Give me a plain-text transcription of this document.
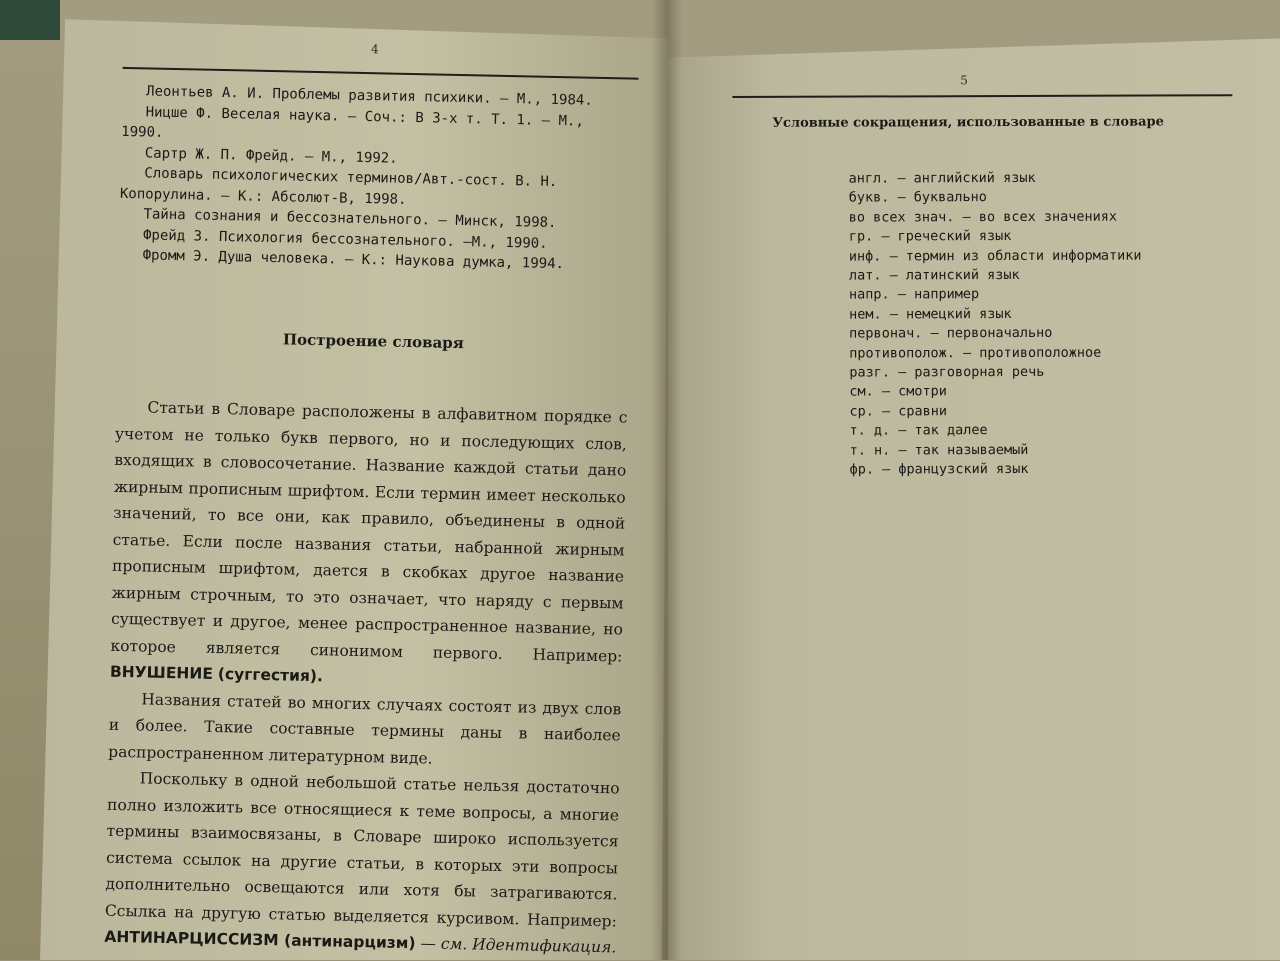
4

Леонтьев А. И. Проблемы развития психики. — М., 1984.

Ницше Ф. Веселая наука. — Соч.: В 3-х т. Т. 1. — М., 1990.

Сартр Ж. П. Фрейд. — М., 1992.

Словарь психологических терминов/Авт.-сост. В. Н. Копорулина. — К.: Абсолют-В, 1998.

Тайна сознания и бессознательного. — Минск, 1998.

Фрейд З. Психология бессознательного. —М., 1990.

Фромм Э. Душа человека. — К.: Наукова думка, 1994.

Построение словаря

Статьи в Словаре расположены в алфавитном порядке с учетом не только букв первого, но и последующих слов, входящих в словосочетание. Название каждой статьи дано жирным прописным шрифтом. Если термин имеет несколько значений, то все они, как правило, объединены в одной статье. Если после названия статьи, набранной жирным прописным шрифтом, дается в скобках другое название жирным строчным, то это означает, что наряду с первым существует и другое, менее распространенное название, но которое является синонимом первого. Например: ВНУШЕНИЕ (суггестия).

Названия статей во многих случаях состоят из двух слов и более. Такие составные термины даны в наиболее распространенном литературном виде.

Поскольку в одной небольшой статье нельзя достаточно полно изложить все относящиеся к теме вопросы, а многие термины взаимосвязаны, в Словаре широко используется система ссылок на другие статьи, в которых эти вопросы дополнительно освещаются или хотя бы затрагиваются. Ссылка на другую статью выделяется курсивом. Например: АНТИНАРЦИССИЗМ (антинарцизм) — см. Идентификация.

5
Условные сокращения, использованные в словаре
англ. — английский язык
букв. — буквально
во всех знач. — во всех значениях
гр. — греческий язык
инф. — термин из области информатики
лат. — латинский язык
напр. — например
нем. — немецкий язык
первонач. — первоначально
противополож. — противоположное
разг. — разговорная речь
см. — смотри
ср. — сравни
т. д. — так далее
т. н. — так называемый
фр. — французский язык
